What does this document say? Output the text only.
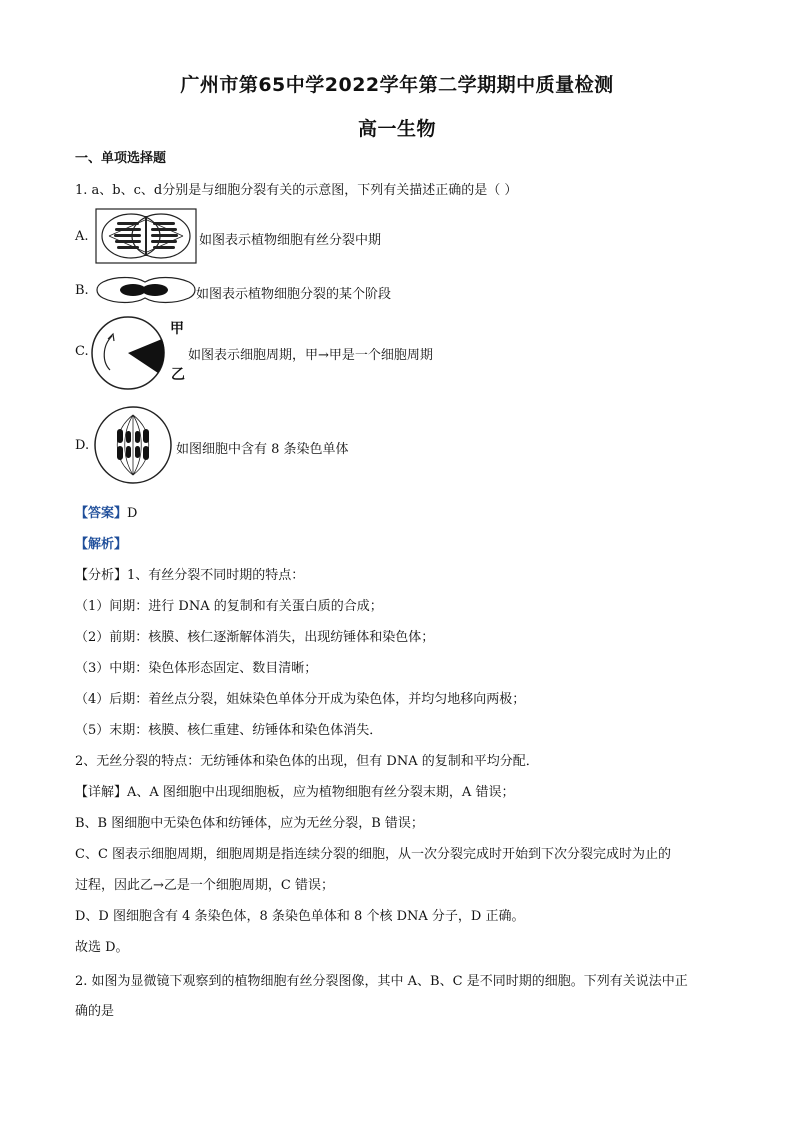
广州市第65中学2022学年第二学期期中质量检测
高一生物
一、单项选择题
1. a、b、c、d分别是与细胞分裂有关的示意图，下列有关描述正确的是（ ）
A.	如图表示植物细胞有丝分裂中期
B.	如图表示植物细胞分裂的某个阶段
C.
甲
乙
如图表示细胞周期，甲→甲是一个细胞周期
D.	如图细胞中含有 8 条染色单体
【答案】D
【解析】
【分析】1、有丝分裂不同时期的特点：
（1）间期：进行 DNA 的复制和有关蛋白质的合成；
（2）前期：核膜、核仁逐渐解体消失，出现纺锤体和染色体；
（3）中期：染色体形态固定、数目清晰；
（4）后期：着丝点分裂，姐妹染色单体分开成为染色体，并均匀地移向两极；
（5）末期：核膜、核仁重建、纺锤体和染色体消失．
2、无丝分裂的特点：无纺锤体和染色体的出现，但有 DNA 的复制和平均分配．
【详解】A、A 图细胞中出现细胞板，应为植物细胞有丝分裂末期，A 错误；
B、B 图细胞中无染色体和纺锤体，应为无丝分裂，B 错误；
C、C 图表示细胞周期，细胞周期是指连续分裂的细胞，从一次分裂完成时开始到下次分裂完成时为止的
过程，因此乙→乙是一个细胞周期，C 错误；
D、D 图细胞含有 4 条染色体，8 条染色单体和 8 个核 DNA 分子，D 正确。
故选 D。
2. 如图为显微镜下观察到的植物细胞有丝分裂图像，其中 A、B、C 是不同时期的细胞。下列有关说法中正
确的是
